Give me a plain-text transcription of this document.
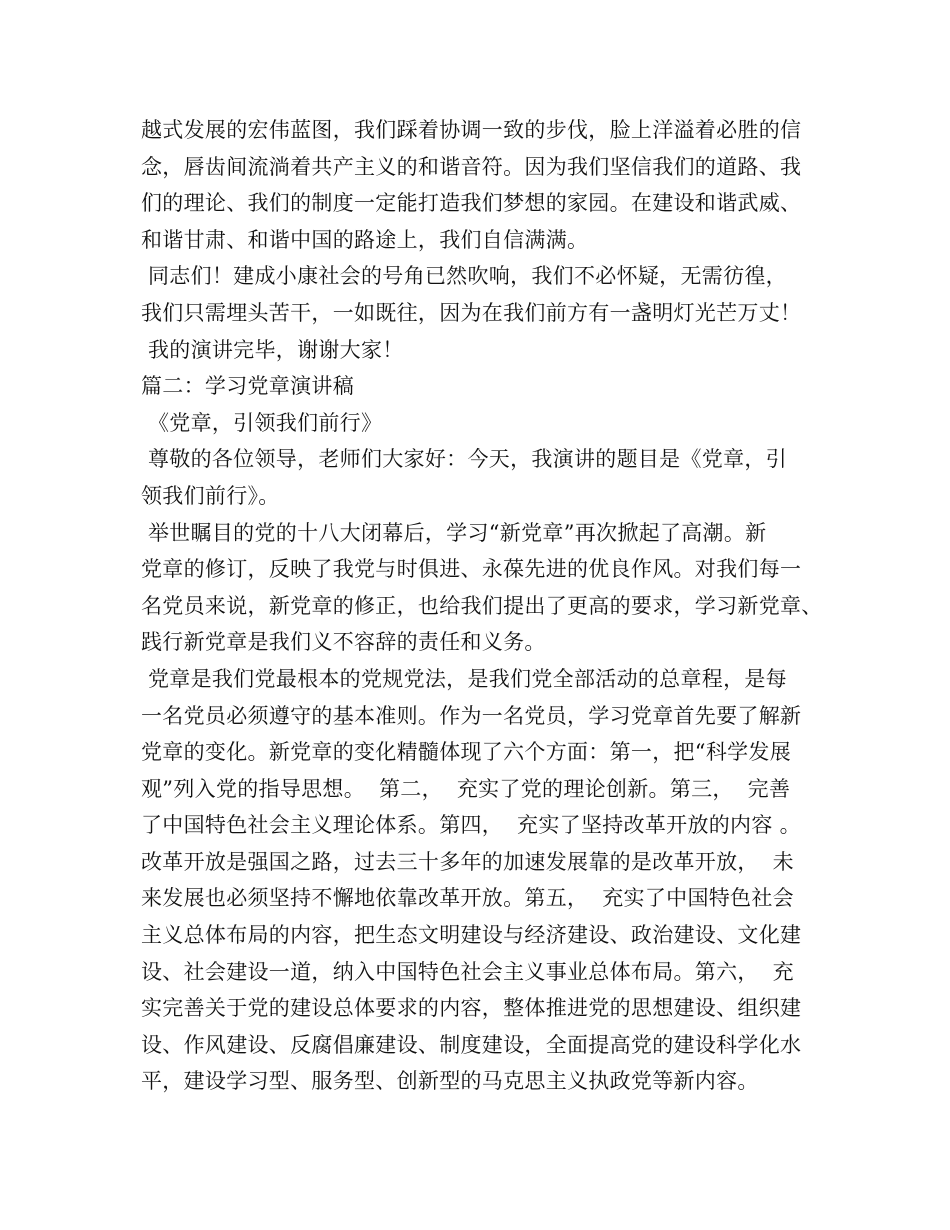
越式发展的宏伟蓝图，我们踩着协调一致的步伐，脸上洋溢着必胜的信
念，唇齿间流淌着共产主义的和谐音符。因为我们坚信我们的道路、我
们的理论、我们的制度一定能打造我们梦想的家园。在建设和谐武威、
和谐甘肃、和谐中国的路途上，我们自信满满。
同志们！建成小康社会的号角已然吹响，我们不必怀疑，无需彷徨，
我们只需埋头苦干，一如既往，因为在我们前方有一盏明灯光芒万丈！
我的演讲完毕，谢谢大家！
篇二：学习党章演讲稿
《党章，引领我们前行》
尊敬的各位领导，老师们大家好：今天，我演讲的题目是《党章，引
领我们前行》。
举世瞩目的党的十八大闭幕后，学习“新党章”再次掀起了高潮。新
党章的修订，反映了我党与时俱进、永葆先进的优良作风。对我们每一
名党员来说，新党章的修正，也给我们提出了更高的要求，学习新党章、
践行新党章是我们义不容辞的责任和义务。
党章是我们党最根本的党规党法，是我们党全部活动的总章程，是每
一名党员必须遵守的基本准则。作为一名党员，学习党章首先要了解新
党章的变化。新党章的变化精髓体现了六个方面：第一，把“科学发展
观”列入党的指导思想。  第二，  充实了党的理论创新。第三，  完善
了中国特色社会主义理论体系。第四，  充实了坚持改革开放的内容 。
改革开放是强国之路，过去三十多年的加速发展靠的是改革开放，  未
来发展也必须坚持不懈地依靠改革开放。第五，  充实了中国特色社会
主义总体布局的内容，把生态文明建设与经济建设、政治建设、文化建
设、社会建设一道，纳入中国特色社会主义事业总体布局。第六，  充
实完善关于党的建设总体要求的内容，整体推进党的思想建设、组织建
设、作风建设、反腐倡廉建设、制度建设，全面提高党的建设科学化水
平，建设学习型、服务型、创新型的马克思主义执政党等新内容。
